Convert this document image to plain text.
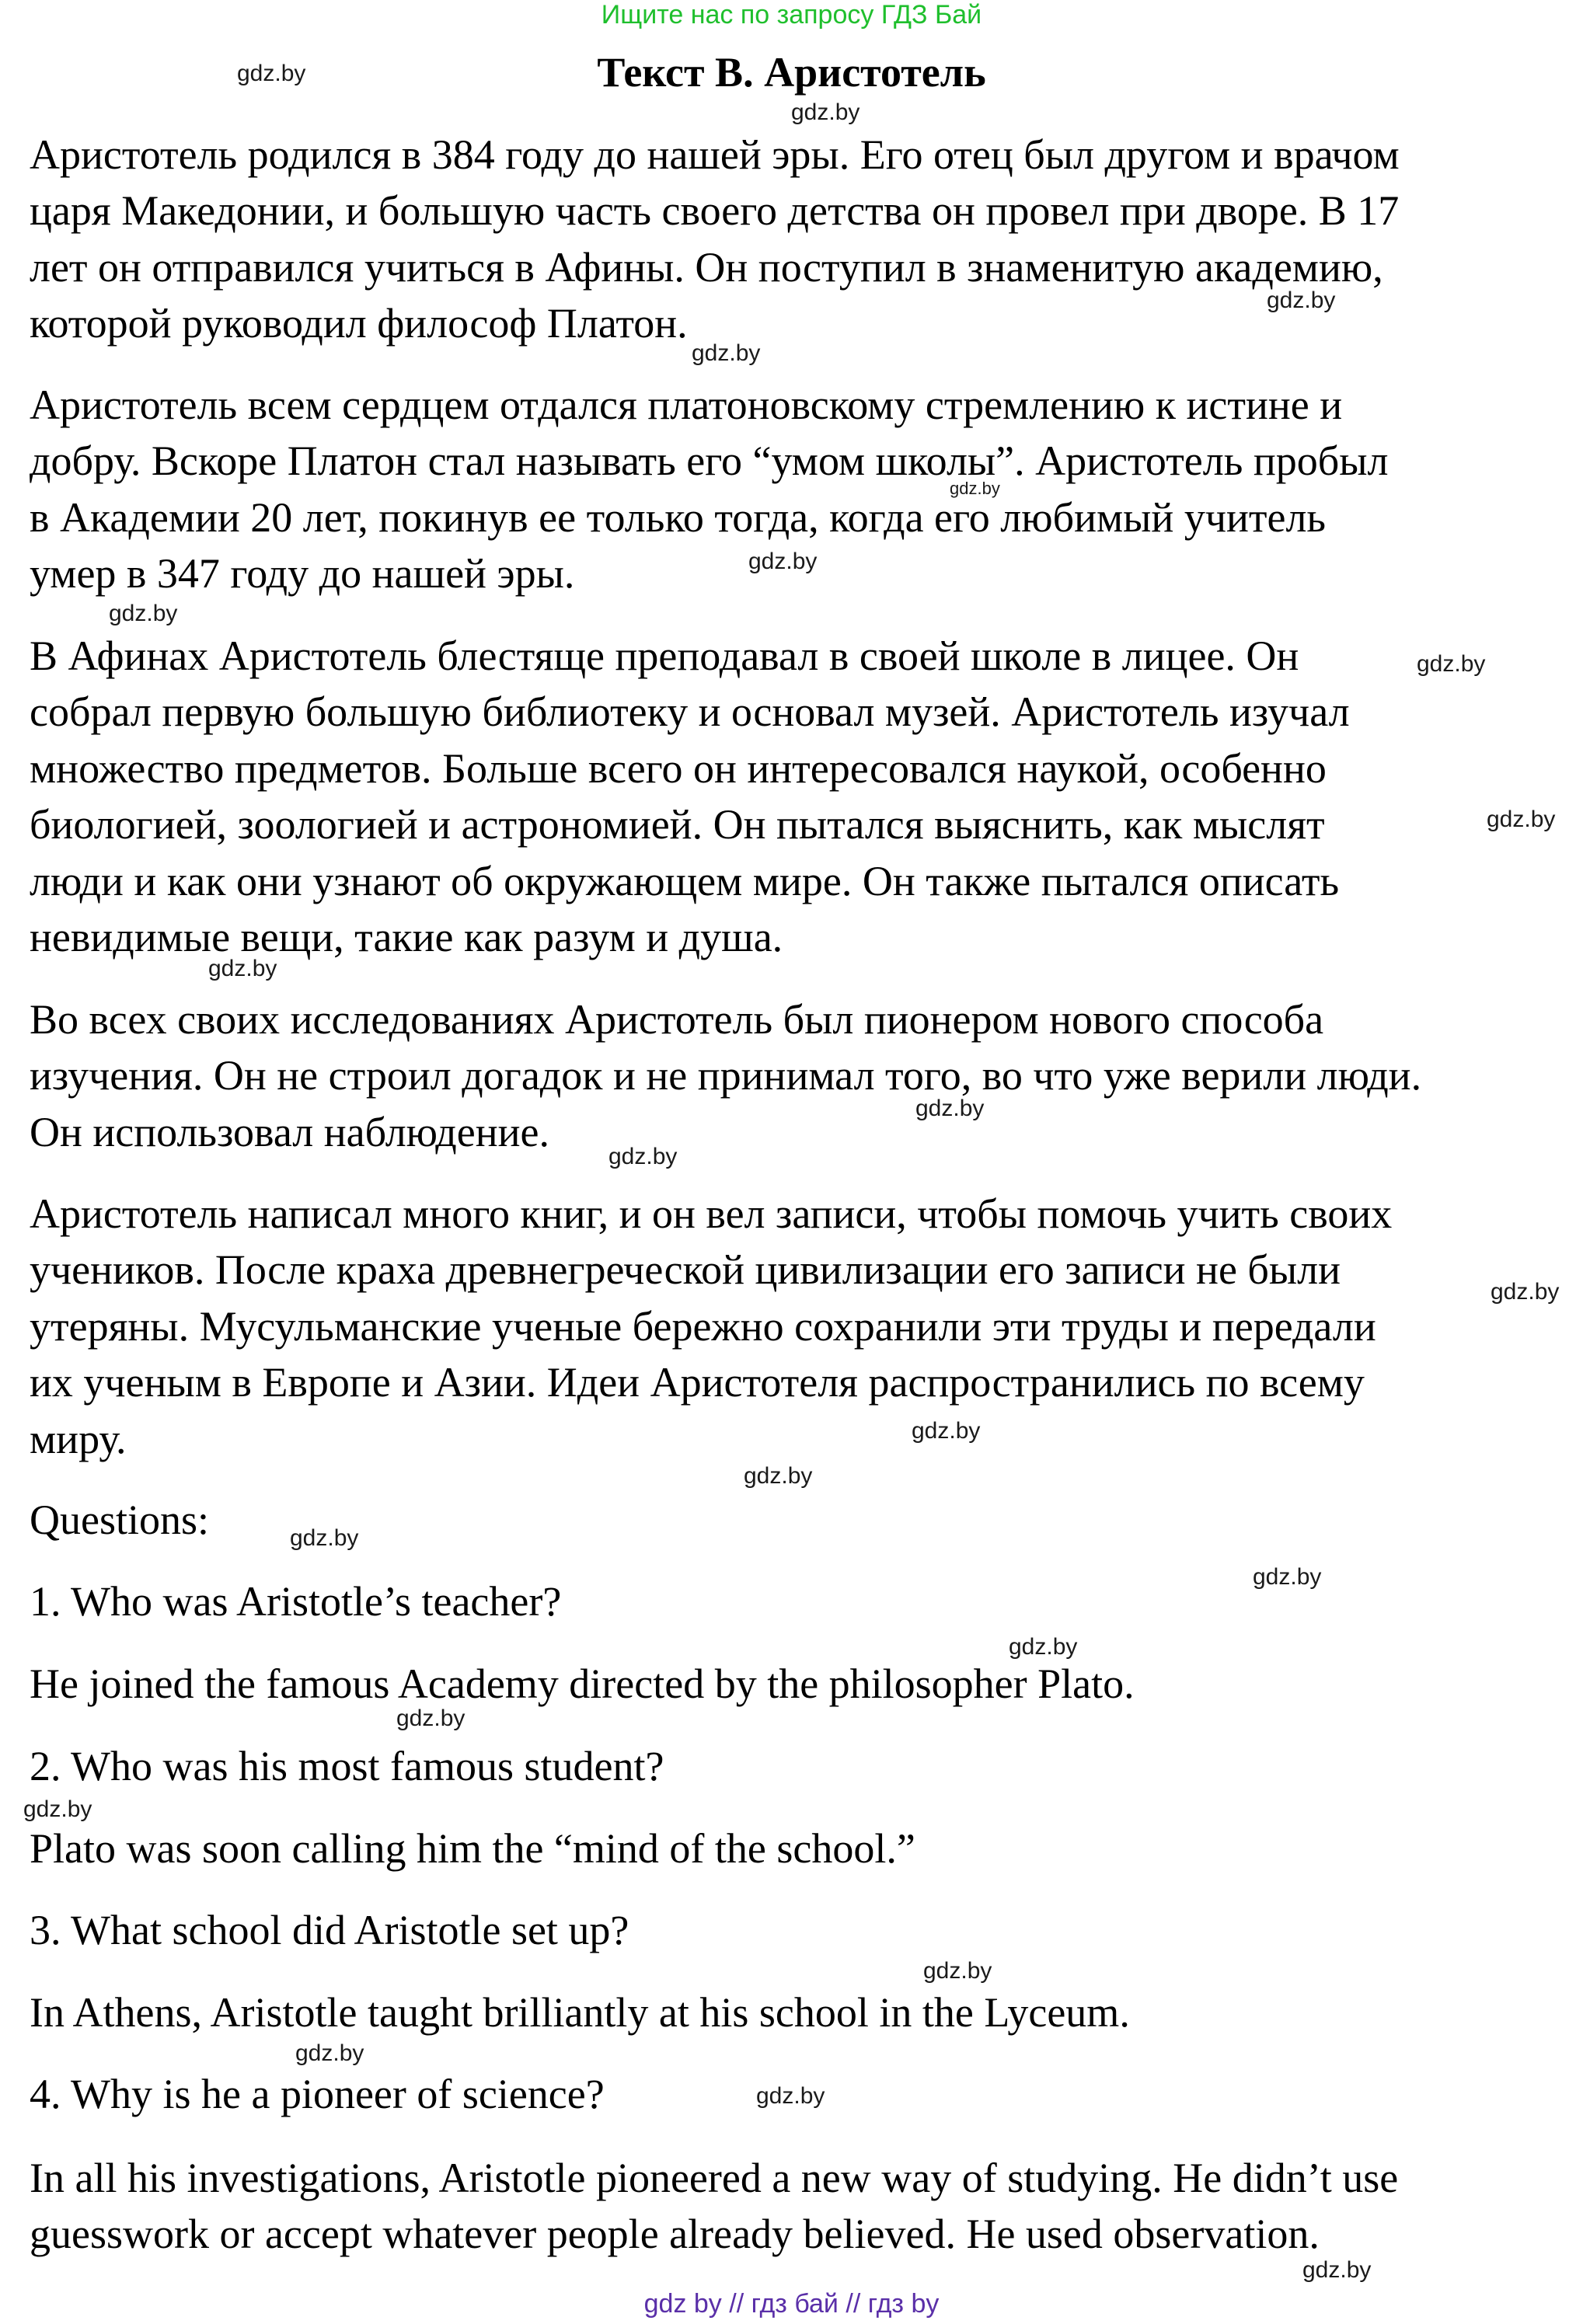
Ищите нас по запросу ГДЗ Бай
Текст B. Аристотель
Аристотель родился в 384 году до нашей эры. Его отец был другом и врачом
царя Македонии, и большую часть своего детства он провел при дворе. В 17
лет он отправился учиться в Афины. Он поступил в знаменитую академию,
которой руководил философ Платон.
Аристотель всем сердцем отдался платоновскому стремлению к истине и
добру. Вскоре Платон стал называть его “умом школы”. Аристотель пробыл
в Академии 20 лет, покинув ее только тогда, когда его любимый учитель
умер в 347 году до нашей эры.
В Афинах Аристотель блестяще преподавал в своей школе в лицее. Он
собрал первую большую библиотеку и основал музей. Аристотель изучал
множество предметов. Больше всего он интересовался наукой, особенно
биологией, зоологией и астрономией. Он пытался выяснить, как мыслят
люди и как они узнают об окружающем мире. Он также пытался описать
невидимые вещи, такие как разум и душа.
Во всех своих исследованиях Аристотель был пионером нового способа
изучения. Он не строил догадок и не принимал того, во что уже верили люди.
Он использовал наблюдение.
Аристотель написал много книг, и он вел записи, чтобы помочь учить своих
учеников. После краха древнегреческой цивилизации его записи не были
утеряны. Мусульманские ученые бережно сохранили эти труды и передали
их ученым в Европе и Азии. Идеи Аристотеля распространились по всему
миру.
Questions:
1. Who was Aristotle’s teacher?
He joined the famous Academy directed by the philosopher Plato.
2. Who was his most famous student?
Plato was soon calling him the “mind of the school.”
3. What school did Aristotle set up?
In Athens, Aristotle taught brilliantly at his school in the Lyceum.
4. Why is he a pioneer of science?
In all his investigations, Aristotle pioneered a new way of studying. He didn’t use
guesswork or accept whatever people already believed. He used observation.
gdz.by
gdz.by
gdz.by
gdz.by
gdz.by
gdz.by
gdz.by
gdz.by
gdz.by
gdz.by
gdz.by
gdz.by
gdz.by
gdz.by
gdz.by
gdz.by
gdz.by
gdz.by
gdz.by
gdz.by
gdz.by
gdz.by
gdz.by
gdz.by
gdz by // гдз бай // гдз by
